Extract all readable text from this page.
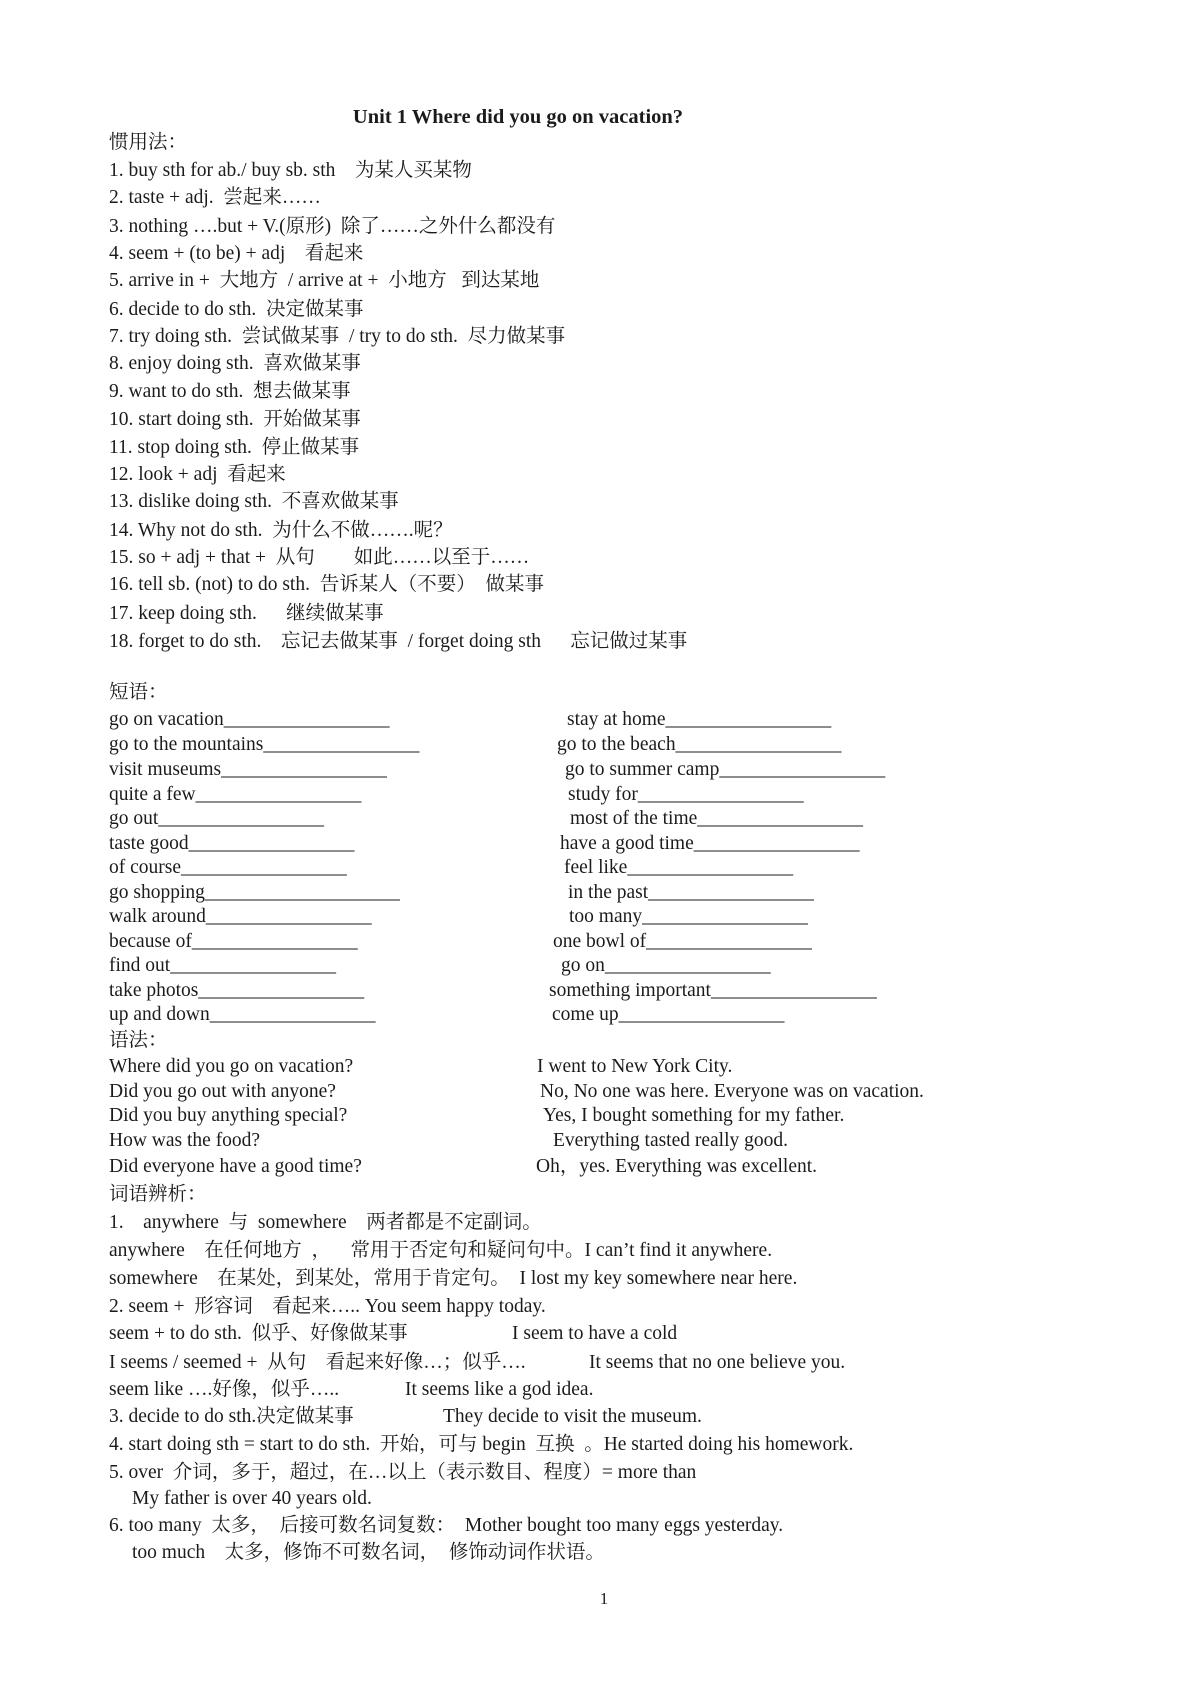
Unit 1 Where did you go on vacation?
惯用法：
1. buy sth for ab./ buy sb. sth    为某人买某物
2. taste + adj.  尝起来……
3. nothing ….but + V.(原形)  除了……之外什么都没有
4. seem + (to be) + adj    看起来
5. arrive in +  大地方  / arrive at +  小地方   到达某地
6. decide to do sth.  决定做某事
7. try doing sth.  尝试做某事  / try to do sth.  尽力做某事
8. enjoy doing sth.  喜欢做某事
9. want to do sth.  想去做某事
10. start doing sth.  开始做某事
11. stop doing sth.  停止做某事
12. look + adj  看起来
13. dislike doing sth.  不喜欢做某事
14. Why not do sth.  为什么不做…….呢？
15. so + adj + that +  从句        如此……以至于……
16. tell sb. (not) to do sth.  告诉某人（不要）  做某事
17. keep doing sth.      继续做某事
18. forget to do sth.    忘记去做某事  / forget doing sth      忘记做过某事
短语：
go on vacation_________________	stay at home_________________
go to the mountains________________	go to the beach_________________
visit museums_________________	go to summer camp_________________
quite a few_________________	study for_________________
go out_________________	most of the time_________________
taste good_________________	have a good time_________________
of course_________________	feel like_________________
go shopping____________________	in the past_________________
walk around_________________	too many_________________
because of_________________	one bowl of_________________
find out_________________	go on_________________
take photos_________________	something important_________________
up and down_________________	come up_________________
语法：
Where did you go on vacation?	I went to New York City.
Did you go out with anyone?	No, No one was here. Everyone was on vacation.
Did you buy anything special?	Yes, I bought something for my father.
How was the food?	Everything tasted really good.
Did everyone have a good time?	Oh，yes. Everything was excellent.
词语辨析：
1.    anywhere  与  somewhere    两者都是不定副词。
anywhere    在任何地方  ，    常用于否定句和疑问句中。I can’t find it anywhere.
somewhere    在某处，到某处，常用于肯定句。  I lost my key somewhere near here.
2. seem +  形容词    看起来….. You seem happy today.
seem + to do sth.  似乎、好像做某事	I seem to have a cold
I seems / seemed +  从句    看起来好像…；似乎….	It seems that no one believe you.
seem like ….好像，似乎…..	It seems like a god idea.
3. decide to do sth.决定做某事	They decide to visit the museum.
4. start doing sth = start to do sth.  开始，可与 begin  互换  。He started doing his homework.
5. over  介词，多于，超过，在…以上（表示数目、程度）= more than
My father is over 40 years old.
6. too many  太多，  后接可数名词复数：  Mother bought too many eggs yesterday.
too much    太多，修饰不可数名词，  修饰动词作状语。
1
